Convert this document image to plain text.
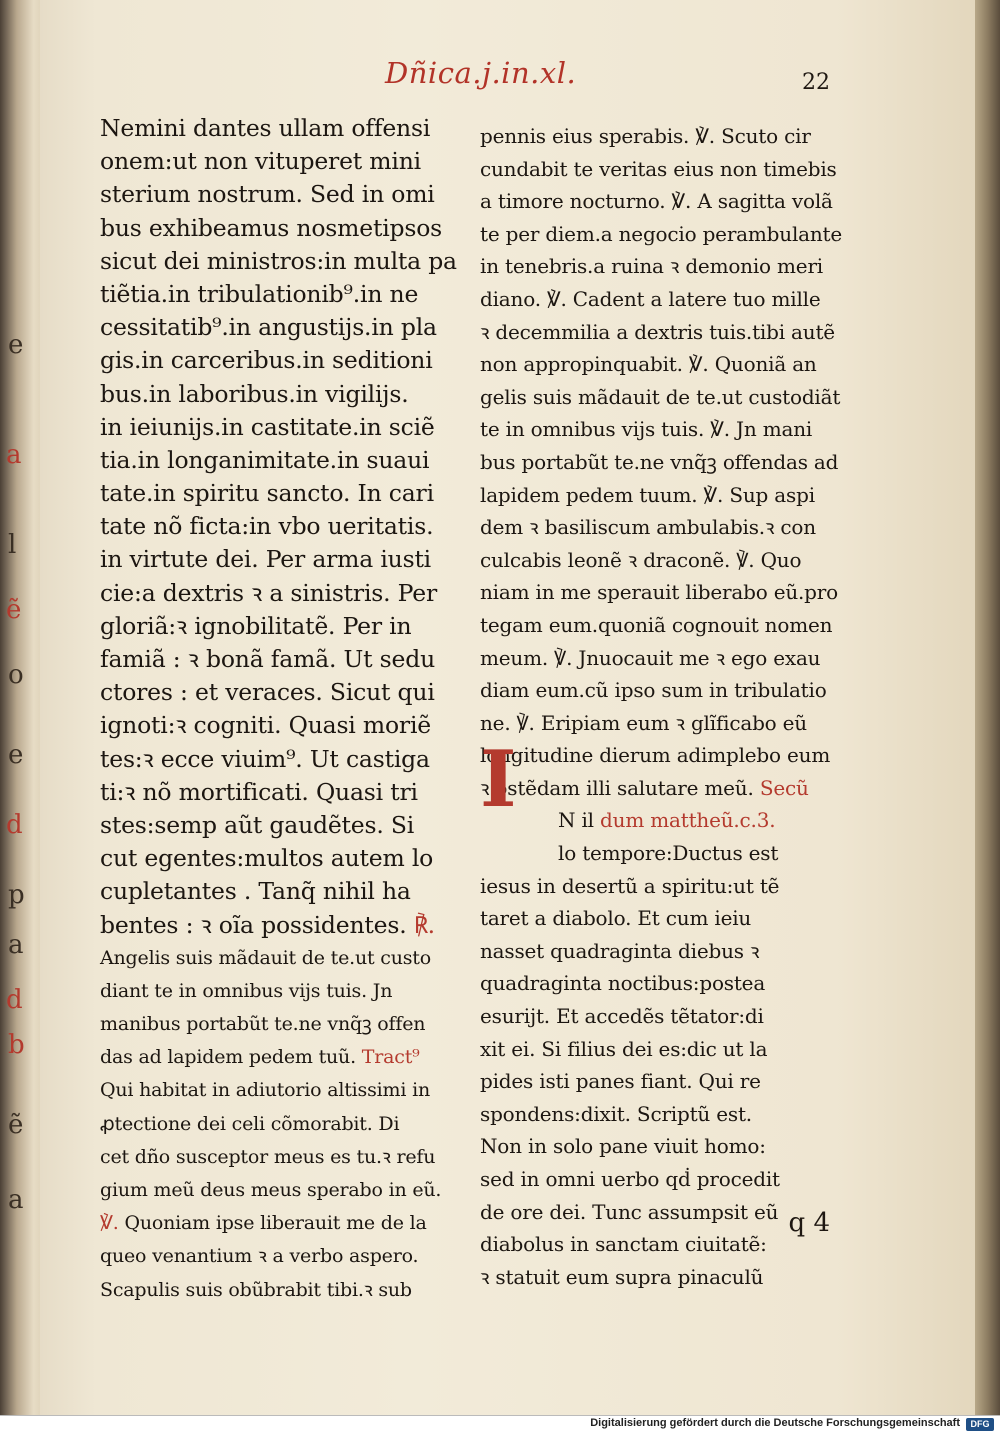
e
a
l
ẽ
o
e
d
p
a
d
b
ẽ
a
Dñica.j.in.xl.	22
Nemini dantes ullam offensi
onem:ut non vituperet mini
sterium nostrum. Sed in omi
bus exhibeamus nosmetipsos
sicut dei ministros:in multa pa
tiẽtia.in tribulationib⁹.in ne
cessitatib⁹.in angustijs.in pla
gis.in carceribus.in seditioni
bus.in laboribus.in vigilijs.
in ieiunijs.in castitate.in sciẽ
tia.in longanimitate.in suaui
tate.in spiritu sancto. In cari
tate nõ ficta:in vbo ueritatis.
in virtute dei. Per arma iusti
cie:a dextris ꝛ a sinistris. Per
gloriã:ꝛ ignobilitatẽ. Per in
famiã : ꝛ bonã famã. Ut sedu
ctores : et veraces. Sicut qui
ignoti:ꝛ cogniti. Quasi moriẽ
tes:ꝛ ecce viuim⁹. Ut castiga
ti:ꝛ nõ mortificati. Quasi tri
stes:semp aũt gaudẽtes. Si
cut egentes:multos autem lo
cupletantes . Tanq̃ nihil ha
bentes : ꝛ oĩa possidentes. ℟.
Angelis suis mãdauit de te.ut custo
diant te in omnibus vijs tuis. Jn
manibus portabũt te.ne vnq̃ꝫ offen
das ad lapidem pedem tuũ. Tract⁹
Qui habitat in adiutorio altissimi in
ꝓtectione dei celi cõmorabit. Di
cet dño susceptor meus es tu.ꝛ refu
gium meũ deus meus sperabo in eũ.
℣. Quoniam ipse liberauit me de la
queo venantium ꝛ a verbo aspero.
Scapulis suis obũbrabit tibi.ꝛ sub
pennis eius sperabis. ℣. Scuto cir
cundabit te veritas eius non timebis
a timore nocturno. ℣. A sagitta volã
te per diem.a negocio perambulante
in tenebris.a ruina ꝛ demonio meri
diano. ℣. Cadent a latere tuo mille
ꝛ decemmilia a dextris tuis.tibi autẽ
non appropinquabit. ℣. Quoniã an
gelis suis mãdauit de te.ut custodiãt
te in omnibus vijs tuis. ℣. Jn mani
bus portabũt te.ne vnq̃ꝫ offendas ad
lapidem pedem tuum. ℣. Sup aspi
dem ꝛ basiliscum ambulabis.ꝛ con
culcabis leonẽ ꝛ draconẽ. ℣. Quo
niam in me sperauit liberabo eũ.pro
tegam eum.quoniã cognouit nomen
meum. ℣. Jnuocauit me ꝛ ego exau
diam eum.cũ ipso sum in tribulatio
ne. ℣. Eripiam eum ꝛ glĩficabo eũ
longitudine dierum adimplebo eum
ꝛ ostẽdam illi salutare meũ. Secũ
N il dum mattheũ.c.3.
lo tempore:Ductus est
iesus in desertũ a spiritu:ut tẽ
taret a diabolo. Et cum ieiu
nasset quadraginta diebus ꝛ
quadraginta noctibus:postea
esurijt. Et accedẽs tẽtator:di
xit ei. Si filius dei es:dic ut la
pides isti panes fiant. Qui re
spondens:dixit. Scriptũ est.
Non in solo pane viuit homo:
sed in omni uerbo qḋ procedit
de ore dei. Tunc assumpsit eũ
diabolus in sanctam ciuitatẽ:
ꝛ statuit eum supra pinaculũ
I
q 4
Digitalisierung gefördert durch die Deutsche Forschungsgemeinschaft	DFG
